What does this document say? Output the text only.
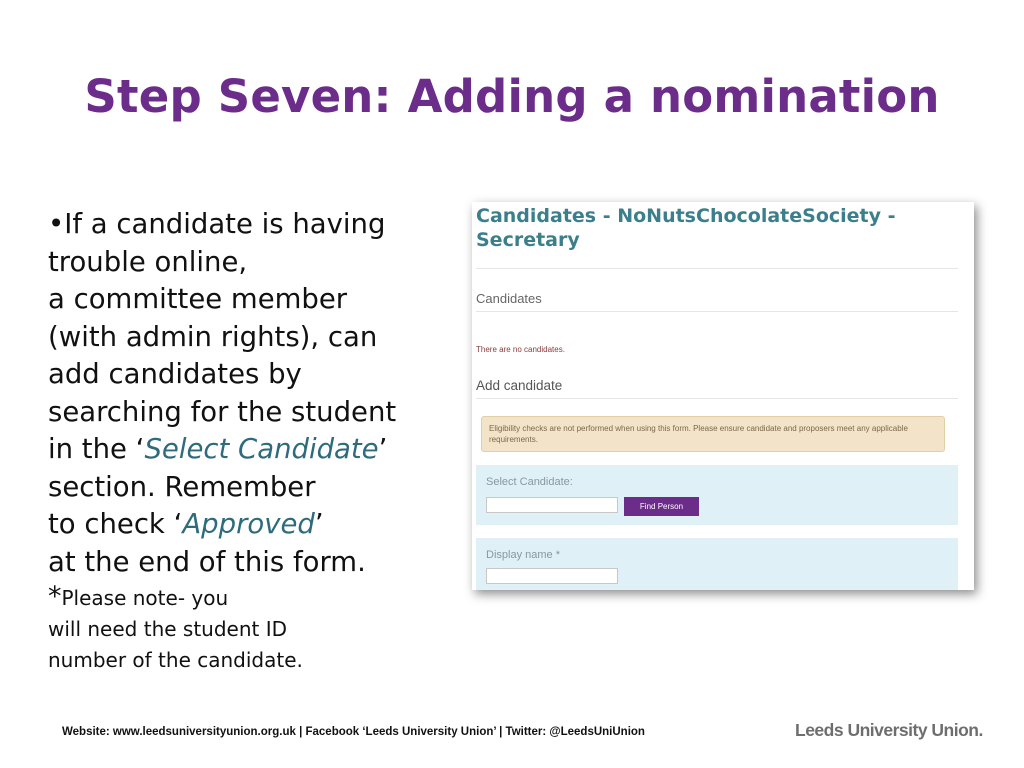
Step Seven: Adding a nomination

•If a candidate is having
trouble online,
a committee member
(with admin rights), can
add candidates by
searching for the student
in the ‘Select Candidate’
section. Remember
to check ‘Approved’
at the end of this form.

*Please note- you
will need the student ID
number of the candidate.

Candidates - NoNutsChocolateSociety - Secretary
Candidates
There are no candidates.
Add candidate
Eligibility checks are not performed when using this form. Please ensure candidate and proposers meet any applicable requirements.
Select Candidate:
Find Person
Display name *
Website: www.leedsuniversityunion.org.uk | Facebook ‘Leeds University Union’ | Twitter: @LeedsUniUnion	Leeds University Union.
